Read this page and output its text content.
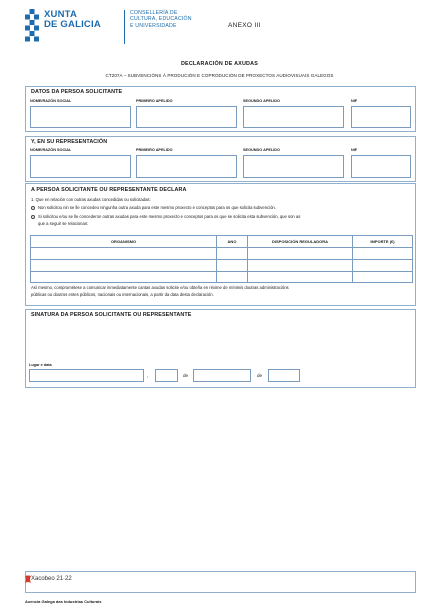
XUNTA
DE GALICIA
CONSELLERÍA DE
CULTURA, EDUCACIÓN
E UNIVERSIDADE	ANEXO III
DECLARACIÓN DE AXUDAS
CT207A – SUBVENCIÓNS Á PRODUCIÓN E COPRODUCIÓN DE PROXECTOS AUDIOVISUAIS GALEGOS
DATOS DA PERSOA SOLICITANTE
NOME/RAZÓN SOCIAL	PRIMEIRO APELIDO	SEGUNDO APELIDO	NIF
Y, EN SU REPRESENTACIÓN
NOME/RAZÓN SOCIAL	PRIMEIRO APELIDO	SEGUNDO APELIDO	NIF
A PERSOA SOLICITANTE OU REPRESENTANTE DECLARA
1. Que en relación con outras axudas concedidas ou solicitadas:
Non solicitou nin se lle concedeu ningunha outra axuda para este mesmo proxecto e conceptos para os que solicita subvención.
Si solicitou e/ou se lle concederon outras axudas para este mesmo proxecto e conceptos para os que se solicita esta subvención, que son as
que a seguir se relacionan:
ORGANISMO	ANO	DISPOSICIÓN REGULADORA	IMPORTE (€)

Así mesmo, comprométese a comunicar inmediatamente cantas axudas solicite e/ou obteña en réxime de mínimis doutras administracións
públicas ou doutros entes públicos, nacionais ou internacionais, a partir da data desta declaración.
SINATURA DA PERSOA SOLICITANTE OU REPRESENTANTE
Lugar e data
,	de	de
Xacobeo 21·22
Axencia Galega das Industrias Culturais
